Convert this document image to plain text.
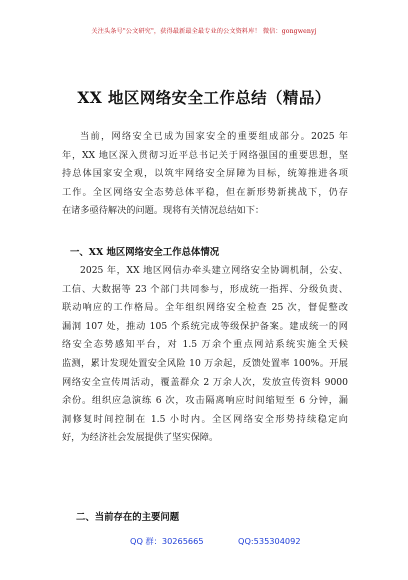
关注头条号"公文研究"，获得最新最全最专业的公文资料库！ 微信：gongwenyj
XX 地区网络安全工作总结（精品）
当前，网络安全已成为国家安全的重要组成部分。2025 年
年，XX 地区深入贯彻习近平总书记关于网络强国的重要思想，坚
持总体国家安全观，以筑牢网络安全屏障为目标，统筹推进各项
工作。全区网络安全态势总体平稳，但在新形势新挑战下，仍存
在诸多亟待解决的问题。现将有关情况总结如下：
一、XX 地区网络安全工作总体情况
2025 年，XX 地区网信办牵头建立网络安全协调机制，公安、
工信、大数据等 23 个部门共同参与，形成统一指挥、分级负责、
联动响应的工作格局。全年组织网络安全检查 25 次，督促整改
漏洞 107 处，推动 105 个系统完成等级保护备案。建成统一的网
络安全态势感知平台，对 1.5 万余个重点网站系统实施全天候
监测，累计发现处置安全风险 10 万余起，反馈处置率 100%。开展
网络安全宣传周活动，覆盖群众 2 万余人次，发放宣传资料 9000
余份。组织应急演练 6 次，攻击隔离响应时间缩短至 6 分钟，漏
洞修复时间控制在 1.5 小时内。全区网络安全形势持续稳定向
好，为经济社会发展提供了坚实保障。
二、当前存在的主要问题
QQ 群：30265665	QQ:535304092
